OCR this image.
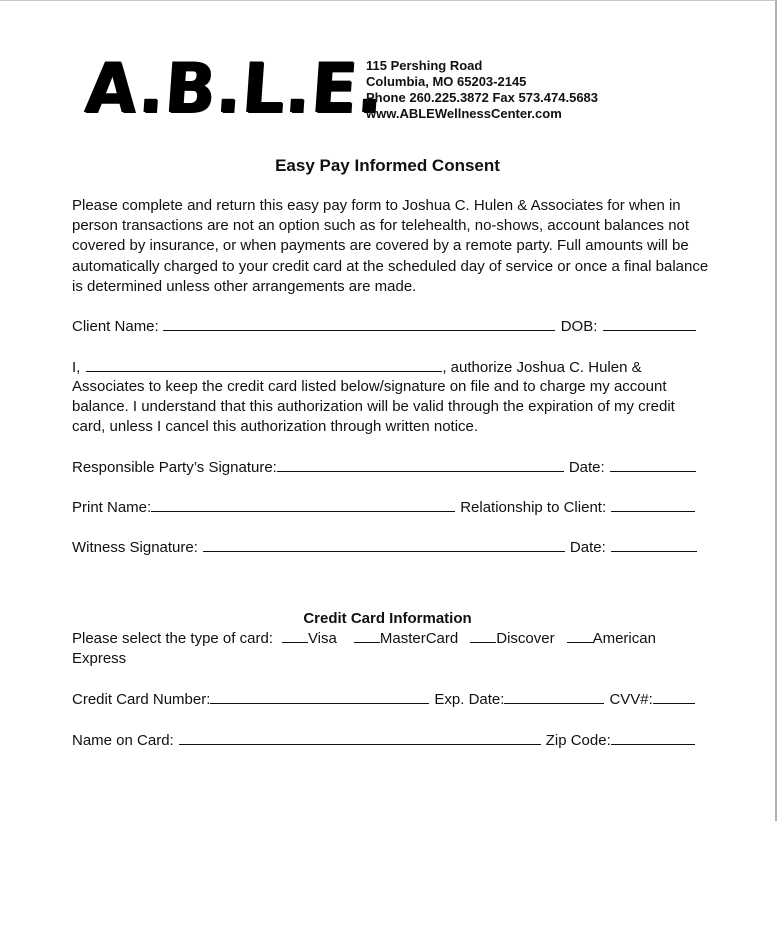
A.B.L.E.
115 Pershing Road
Columbia, MO 65203-2145
Phone 260.225.3872 Fax 573.474.5683
www.ABLEWellnessCenter.com
Easy Pay Informed Consent

Please complete and return this easy pay form to Joshua C. Hulen & Associates for when in person transactions are not an option such as for telehealth, no-shows, account balances not covered by insurance, or when payments are covered by a remote party. Full amounts will be automatically charged to your credit card at the scheduled day of service or once a final balance is determined unless other arrangements are made.

Client Name:	DOB:
I,	, authorize Joshua C. Hulen &

Associates to keep the credit card listed below/signature on file and to charge my account balance. I understand that this authorization will be valid through the expiration of my credit card, unless I cancel this authorization through written notice.

Responsible Party’s Signature:	Date:
Print Name:	Relationship to Client:
Witness Signature:	Date:
Credit Card Information
Please select the type of card: Visa	MasterCard	Discover	American
Express
Credit Card Number:	Exp. Date:	CVV#:
Name on Card:	Zip Code:
